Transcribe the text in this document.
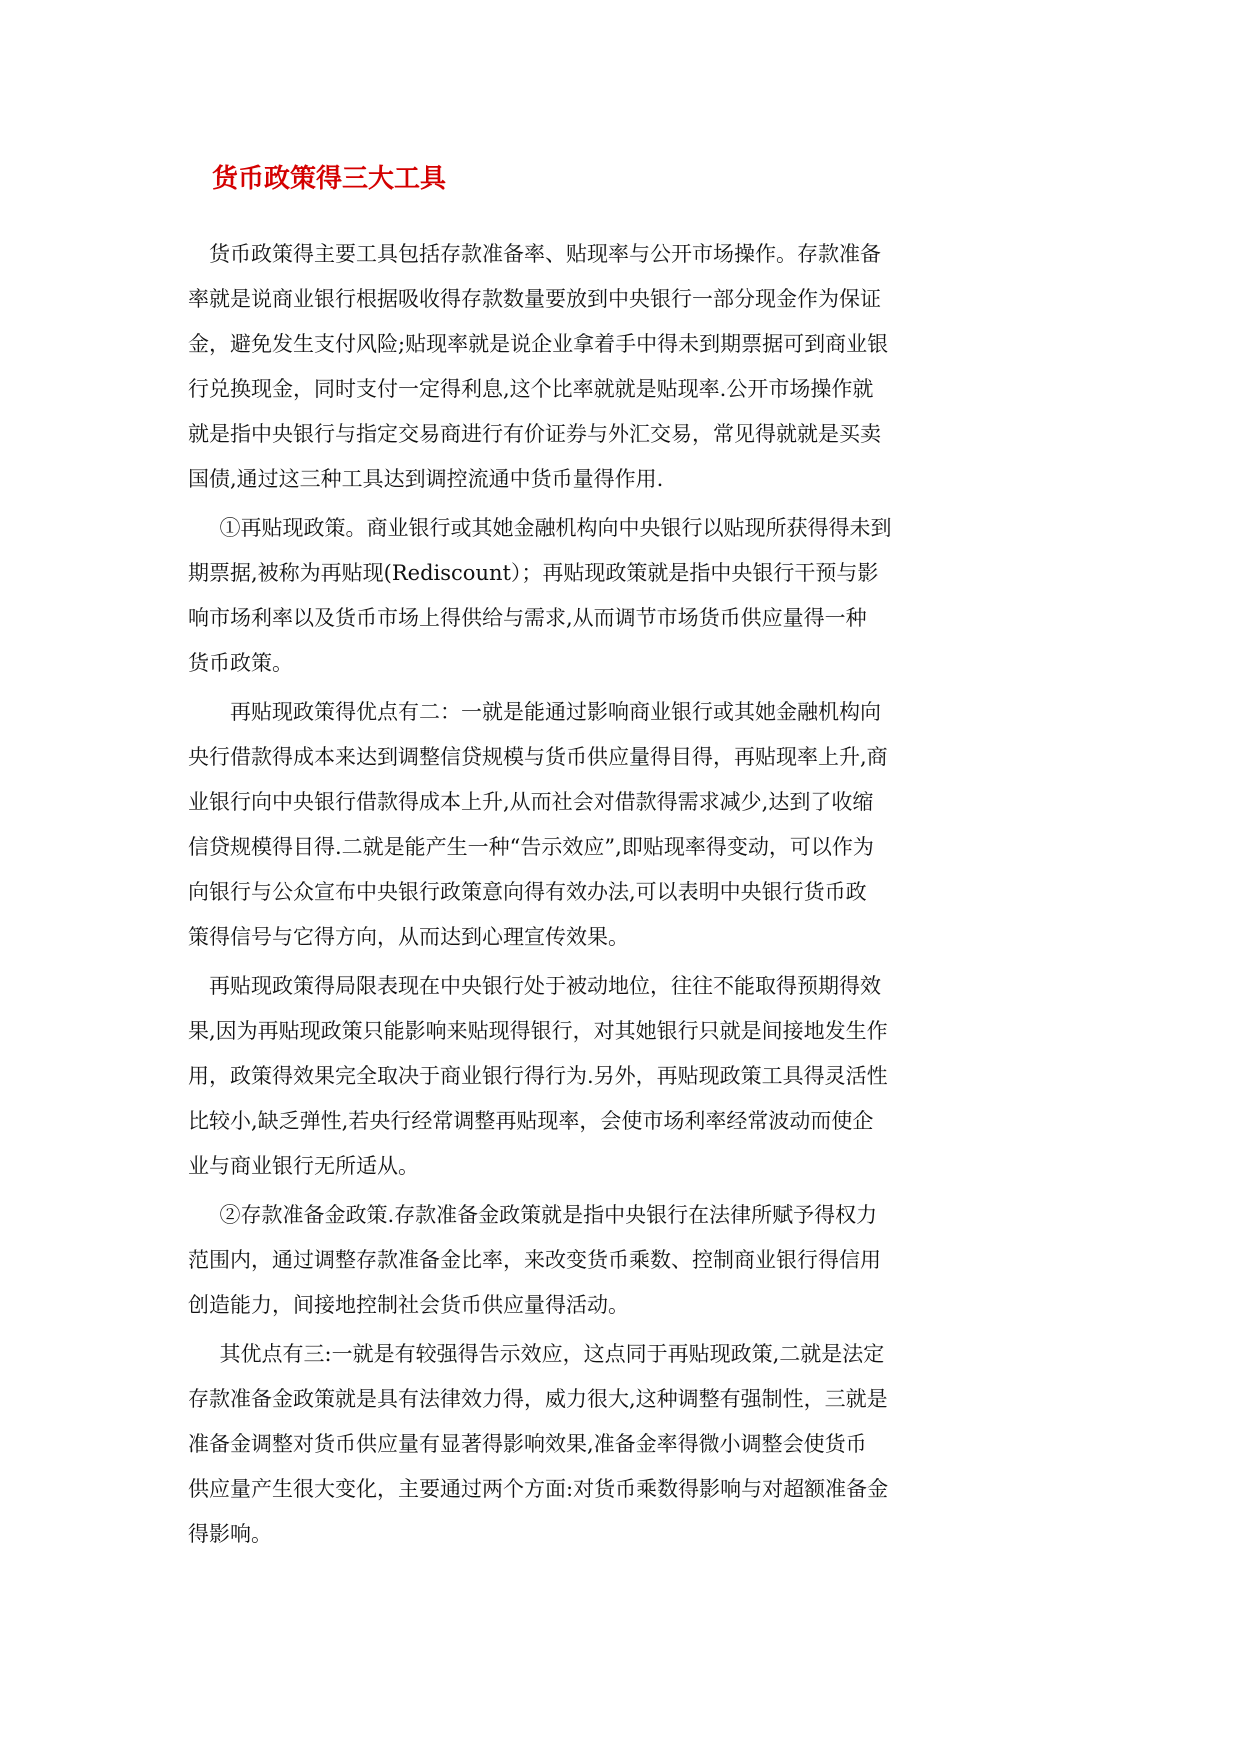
货币政策得三大工具

货币政策得主要工具包括存款准备率、贴现率与公开市场操作。存款准备
率就是说商业银行根据吸收得存款数量要放到中央银行一部分现金作为保证
金，避免发生支付风险;贴现率就是说企业拿着手中得未到期票据可到商业银
行兑换现金，同时支付一定得利息,这个比率就就是贴现率.公开市场操作就
就是指中央银行与指定交易商进行有价证券与外汇交易，常见得就就是买卖
国债,通过这三种工具达到调控流通中货币量得作用.

①再贴现政策。商业银行或其她金融机构向中央银行以贴现所获得得未到
期票据,被称为再贴现(Rediscount）；再贴现政策就是指中央银行干预与影
响市场利率以及货币市场上得供给与需求,从而调节市场货币供应量得一种
货币政策。

再贴现政策得优点有二：一就是能通过影响商业银行或其她金融机构向
央行借款得成本来达到调整信贷规模与货币供应量得目得，再贴现率上升,商
业银行向中央银行借款得成本上升,从而社会对借款得需求减少,达到了收缩
信贷规模得目得.二就是能产生一种“告示效应”,即贴现率得变动，可以作为
向银行与公众宣布中央银行政策意向得有效办法,可以表明中央银行货币政
策得信号与它得方向，从而达到心理宣传效果。

再贴现政策得局限表现在中央银行处于被动地位，往往不能取得预期得效
果,因为再贴现政策只能影响来贴现得银行，对其她银行只就是间接地发生作
用，政策得效果完全取决于商业银行得行为.另外，再贴现政策工具得灵活性
比较小,缺乏弹性,若央行经常调整再贴现率，会使市场利率经常波动而使企
业与商业银行无所适从。

②存款准备金政策.存款准备金政策就是指中央银行在法律所赋予得权力
范围内，通过调整存款准备金比率，来改变货币乘数、控制商业银行得信用
创造能力，间接地控制社会货币供应量得活动。

其优点有三:一就是有较强得告示效应，这点同于再贴现政策,二就是法定
存款准备金政策就是具有法律效力得，威力很大,这种调整有强制性，三就是
准备金调整对货币供应量有显著得影响效果,准备金率得微小调整会使货币
供应量产生很大变化，主要通过两个方面:对货币乘数得影响与对超额准备金
得影响。
